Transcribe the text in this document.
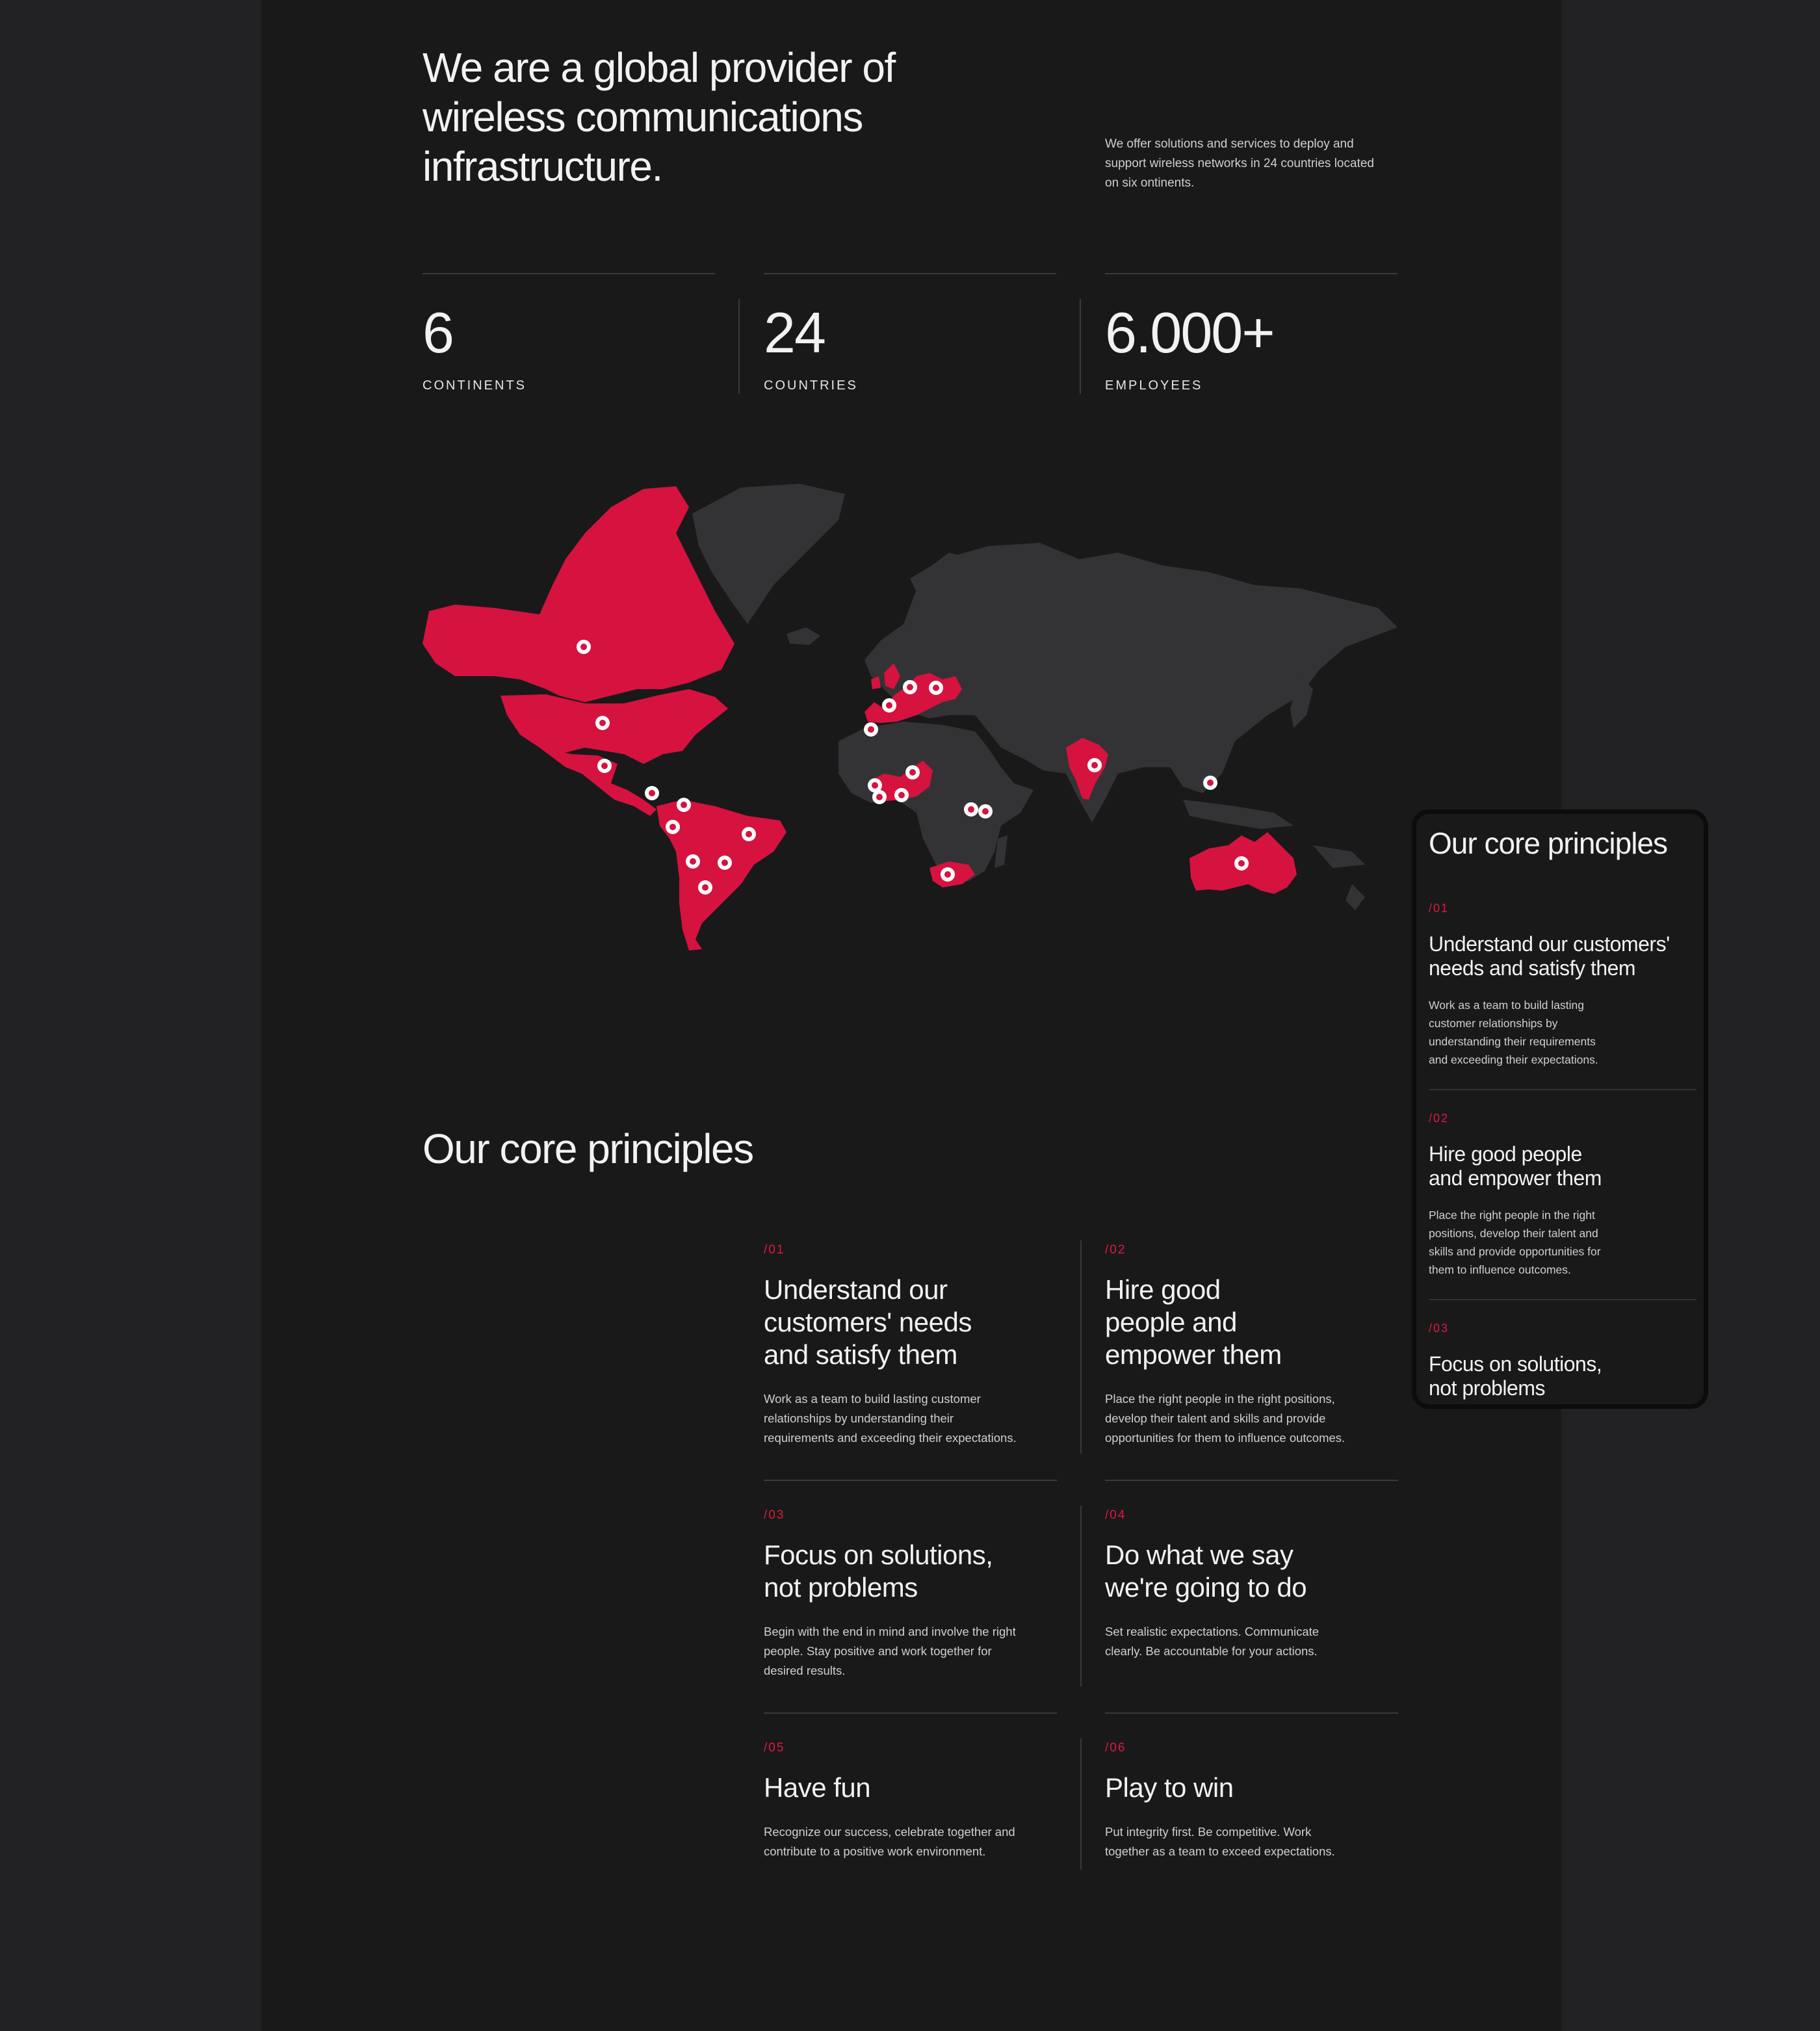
We are a global provider of wireless communications infrastructure.	We offer solutions and services to deploy and support wireless networks in 24 countries located on six ontinents.

6
CONTINENTS
24
COUNTRIES
6.000+
EMPLOYEES
Our core principles
/01
Understand our
customers' needs
and satisfy them

Work as a team to build lasting customer
relationships by understanding their
requirements and exceeding their expectations.

/02
Hire good
people and
empower them

Place the right people in the right positions,
develop their talent and skills and provide
opportunities for them to influence outcomes.

/03
Focus on solutions,
not problems

Begin with the end in mind and involve the right
people. Stay positive and work together for
desired results.

/04
Do what we say
we're going to do

Set realistic expectations. Communicate
clearly. Be accountable for your actions.

/05
Have fun

Recognize our success, celebrate together and
contribute to a positive work environment.

/06
Play to win

Put integrity first. Be competitive. Work
together as a team to exceed expectations.

Our core principles
/01
Understand our customers'
needs and satisfy them

Work as a team to build lasting
customer relationships by
understanding their requirements
and exceeding their expectations.

/02
Hire good people
and empower them

Place the right people in the right
positions, develop their talent and
skills and provide opportunities for
them to influence outcomes.

/03
Focus on solutions,
not problems
